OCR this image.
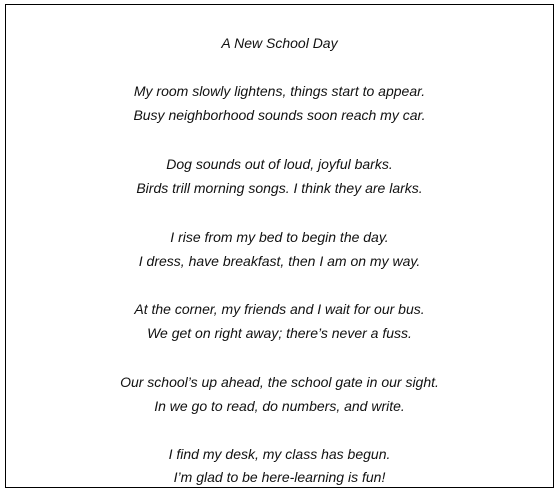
A New School Day
My room slowly lightens, things start to appear.
Busy neighborhood sounds soon reach my car.
Dog sounds out of loud, joyful barks.
Birds trill morning songs. I think they are larks.
I rise from my bed to begin the day.
I dress, have breakfast, then I am on my way.
At the corner, my friends and I wait for our bus.
We get on right away; there’s never a fuss.
Our school’s up ahead, the school gate in our sight.
In we go to read, do numbers, and write.
I find my desk, my class has begun.
I’m glad to be here-learning is fun!
